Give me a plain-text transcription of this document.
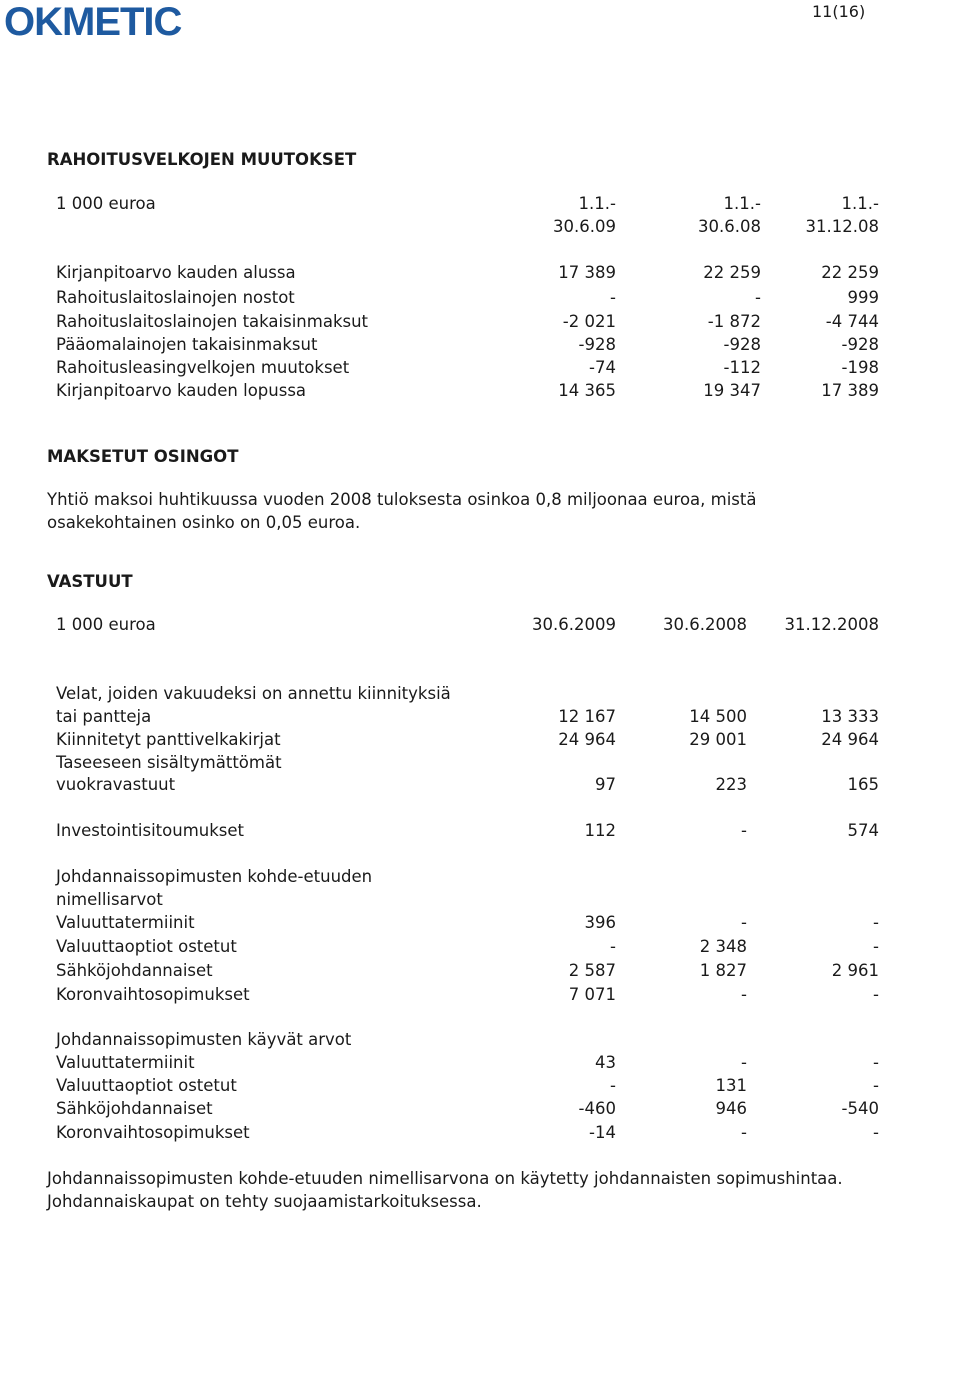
OKMETIC	11(16)
RAHOITUSVELKOJEN MUUTOKSET
1 000 euroa	1.1.-	1.1.-	1.1.-
30.6.09	30.6.08	31.12.08
Kirjanpitoarvo kauden alussa	17 389	22 259	22 259
Rahoituslaitoslainojen nostot	-	-	999
Rahoituslaitoslainojen takaisinmaksut	-2 021	-1 872	-4 744
Pääomalainojen takaisinmaksut	-928	-928	-928
Rahoitusleasingvelkojen muutokset	-74	-112	-198
Kirjanpitoarvo kauden lopussa	14 365	19 347	17 389
MAKSETUT OSINGOT
Yhtiö maksoi huhtikuussa vuoden 2008 tuloksesta osinkoa 0,8 miljoonaa euroa, mistä
osakekohtainen osinko on 0,05 euroa.
VASTUUT
1 000 euroa	30.6.2009	30.6.2008 31.12.2008
Velat, joiden vakuudeksi on annettu kiinnityksiä
tai pantteja	12 167	14 500	13 333
Kiinnitetyt panttivelkakirjat	24 964	29 001	24 964
Taseeseen sisältymättömät
vuokravastuut	97	223	165
Investointisitoumukset	112	-	574
Johdannaissopimusten kohde-etuuden
nimellisarvot
Valuuttatermiinit	396	-	-
Valuuttaoptiot ostetut	-	2 348	-
Sähköjohdannaiset	2 587	1 827	2 961
Koronvaihtosopimukset	7 071	-	-
Johdannaissopimusten käyvät arvot
Valuuttatermiinit	43	-	-
Valuuttaoptiot ostetut	-	131	-
Sähköjohdannaiset	-460	946	-540
Koronvaihtosopimukset	-14	-	-
Johdannaissopimusten kohde-etuuden nimellisarvona on käytetty johdannaisten sopimushintaa.
Johdannaiskaupat on tehty suojaamistarkoituksessa.
